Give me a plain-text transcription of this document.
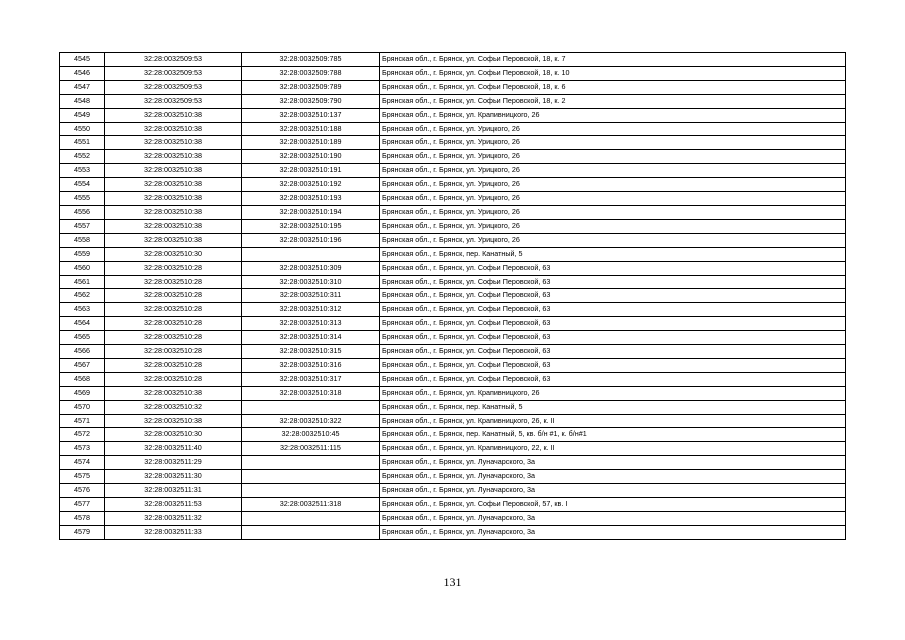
4545	32:28:0032509:53	32:28:0032509:785	Брянская обл., г. Брянск, ул. Софьи Перовской, 18, к. 7
4546	32:28:0032509:53	32:28:0032509:788	Брянская обл., г. Брянск, ул. Софьи Перовской, 18, к. 10
4547	32:28:0032509:53	32:28:0032509:789	Брянская обл., г. Брянск, ул. Софьи Перовской, 18, к. 6
4548	32:28:0032509:53	32:28:0032509:790	Брянская обл., г. Брянск, ул. Софьи Перовской, 18, к. 2
4549	32:28:0032510:38	32:28:0032510:137	Брянская обл., г. Брянск, ул. Крапивницкого, 26
4550	32:28:0032510:38	32:28:0032510:188	Брянская обл., г. Брянск, ул. Урицкого, 26
4551	32:28:0032510:38	32:28:0032510:189	Брянская обл., г. Брянск, ул. Урицкого, 26
4552	32:28:0032510:38	32:28:0032510:190	Брянская обл., г. Брянск, ул. Урицкого, 26
4553	32:28:0032510:38	32:28:0032510:191	Брянская обл., г. Брянск, ул. Урицкого, 26
4554	32:28:0032510:38	32:28:0032510:192	Брянская обл., г. Брянск, ул. Урицкого, 26
4555	32:28:0032510:38	32:28:0032510:193	Брянская обл., г. Брянск, ул. Урицкого, 26
4556	32:28:0032510:38	32:28:0032510:194	Брянская обл., г. Брянск, ул. Урицкого, 26
4557	32:28:0032510:38	32:28:0032510:195	Брянская обл., г. Брянск, ул. Урицкого, 26
4558	32:28:0032510:38	32:28:0032510:196	Брянская обл., г. Брянск, ул. Урицкого, 26
4559	32:28:0032510:30		Брянская обл., г. Брянск, пер. Канатный, 5
4560	32:28:0032510:28	32:28:0032510:309	Брянская обл., г. Брянск, ул. Софьи Перовской, 63
4561	32:28:0032510:28	32:28:0032510:310	Брянская обл., г. Брянск, ул. Софьи Перовской, 63
4562	32:28:0032510:28	32:28:0032510:311	Брянская обл., г. Брянск, ул. Софьи Перовской, 63
4563	32:28:0032510:28	32:28:0032510:312	Брянская обл., г. Брянск, ул. Софьи Перовской, 63
4564	32:28:0032510:28	32:28:0032510:313	Брянская обл., г. Брянск, ул. Софьи Перовской, 63
4565	32:28:0032510:28	32:28:0032510:314	Брянская обл., г. Брянск, ул. Софьи Перовской, 63
4566	32:28:0032510:28	32:28:0032510:315	Брянская обл., г. Брянск, ул. Софьи Перовской, 63
4567	32:28:0032510:28	32:28:0032510:316	Брянская обл., г. Брянск, ул. Софьи Перовской, 63
4568	32:28:0032510:28	32:28:0032510:317	Брянская обл., г. Брянск, ул. Софьи Перовской, 63
4569	32:28:0032510:38	32:28:0032510:318	Брянская обл., г. Брянск, ул. Крапивницкого, 26
4570	32:28:0032510:32		Брянская обл., г. Брянск, пер. Канатный, 5
4571	32:28:0032510:38	32:28:0032510:322	Брянская обл., г. Брянск, ул. Крапивницкого, 26, к. II
4572	32:28:0032510:30	32:28:0032510:45	Брянская обл., г. Брянск, пер. Канатный, 5, кв. б/н #1, к. б/н#1
4573	32:28:0032511:40	32:28:0032511:115	Брянская обл., г. Брянск, ул. Крапивницкого, 22, к. II
4574	32:28:0032511:29		Брянская обл., г. Брянск, ул. Луначарского, 3а
4575	32:28:0032511:30		Брянская обл., г. Брянск, ул. Луначарского, 3а
4576	32:28:0032511:31		Брянская обл., г. Брянск, ул. Луначарского, 3а
4577	32:28:0032511:53	32:28:0032511:318	Брянская обл., г. Брянск, ул. Софьи Перовской, 57, кв. I
4578	32:28:0032511:32		Брянская обл., г. Брянск, ул. Луначарского, 3а
4579	32:28:0032511:33		Брянская обл., г. Брянск, ул. Луначарского, 3а
131
